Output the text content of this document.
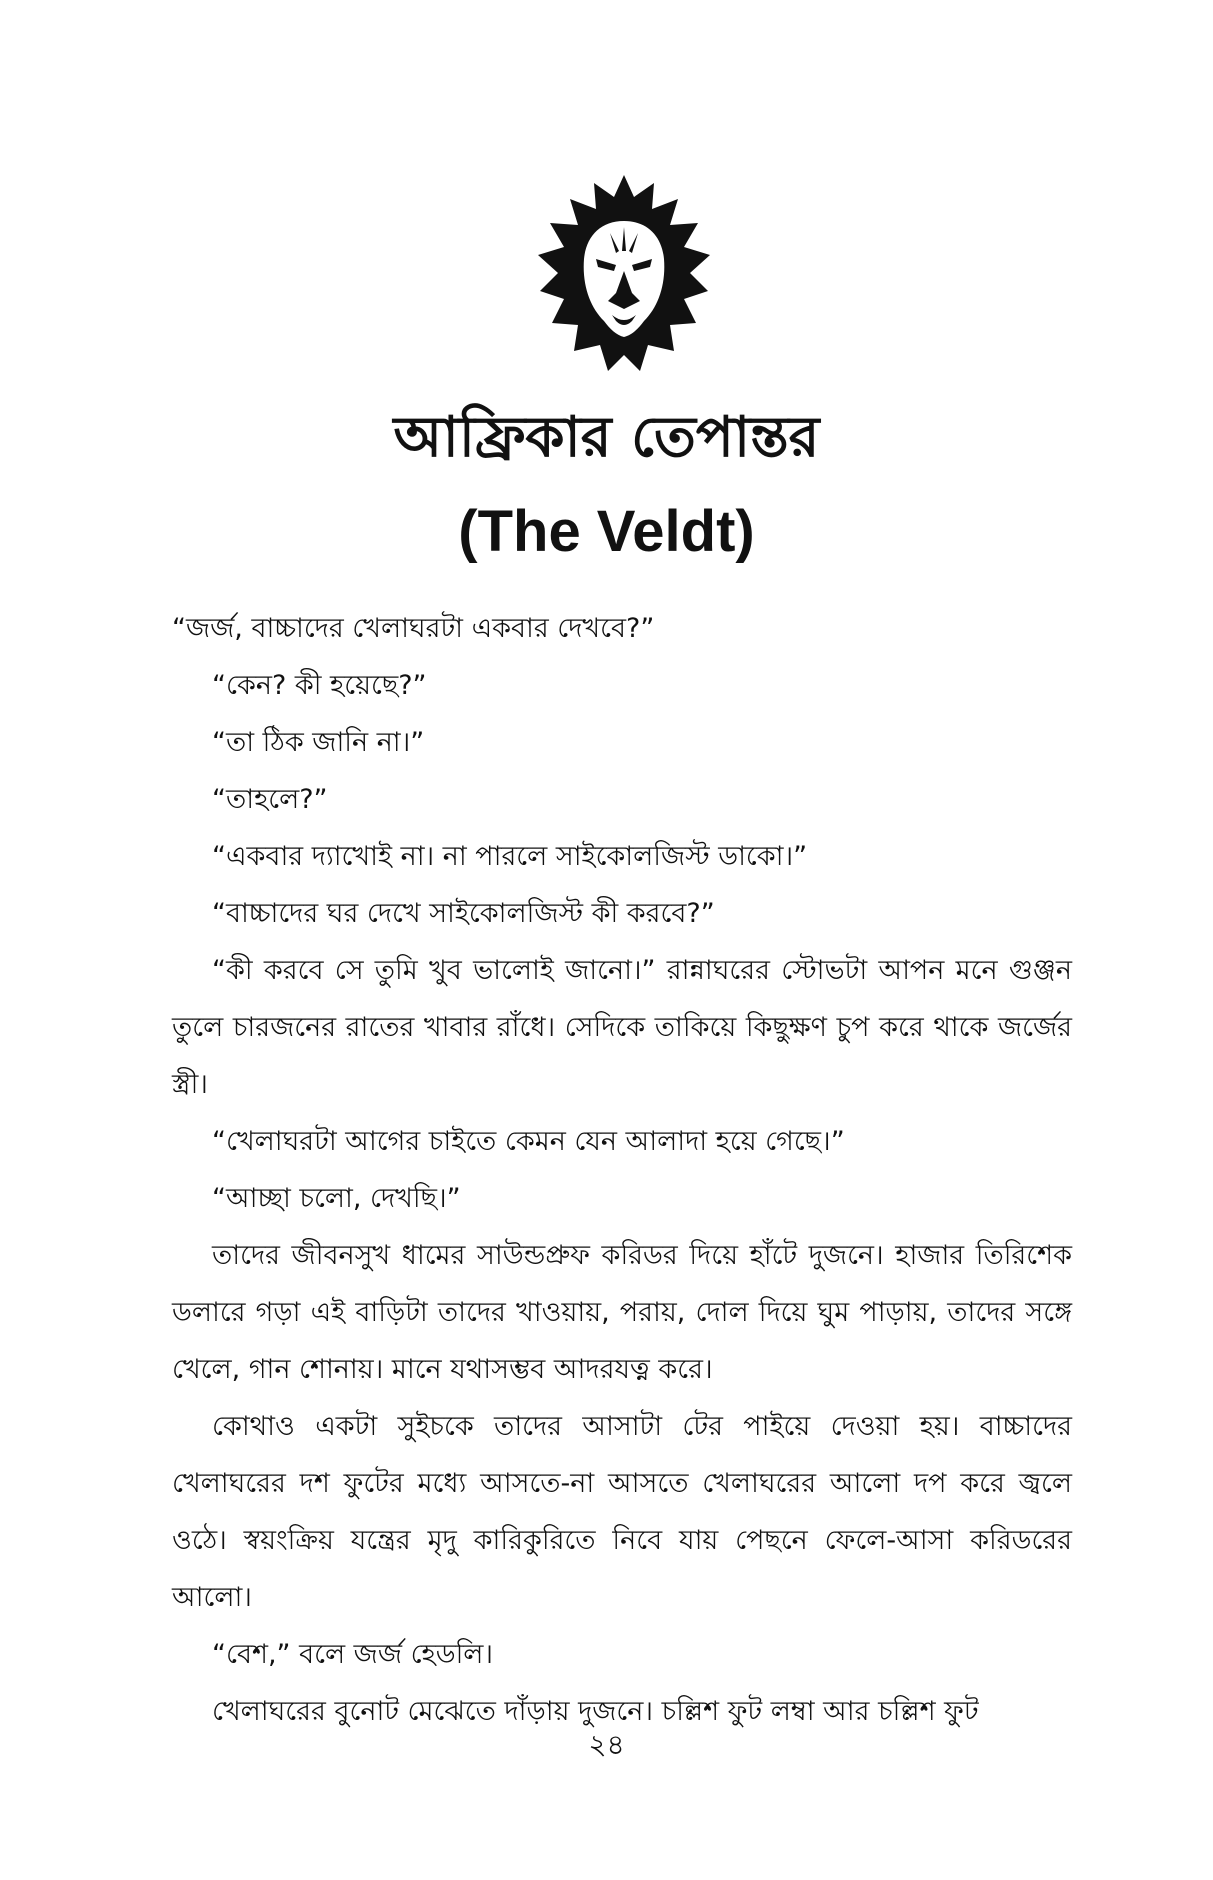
আফ্রিকার তেপান্তর
(The Veldt)

“জর্জ, বাচ্চাদের খেলাঘরটা একবার দেখবে?”

“কেন? কী হয়েছে?”

“তা ঠিক জানি না।”

“তাহলে?”

“একবার দ্যাখোই না। না পারলে সাইকোলজিস্ট ডাকো।”

“বাচ্চাদের ঘর দেখে সাইকোলজিস্ট কী করবে?”

“কী করবে সে তুমি খুব ভালোই জানো।” রান্নাঘরের স্টোভটা আপন মনে গুঞ্জন তুলে চারজনের রাতের খাবার রাঁধে। সেদিকে তাকিয়ে কিছুক্ষণ চুপ করে থাকে জর্জের স্ত্রী।

“খেলাঘরটা আগের চাইতে কেমন যেন আলাদা হয়ে গেছে।”

“আচ্ছা চলো, দেখছি।”

তাদের জীবনসুখ ধামের সাউন্ডপ্রুফ করিডর দিয়ে হাঁটে দুজনে। হাজার তিরিশেক ডলারে গড়া এই বাড়িটা তাদের খাওয়ায়, পরায়, দোল দিয়ে ঘুম পাড়ায়, তাদের সঙ্গে খেলে, গান শোনায়। মানে যথাসম্ভব আদরযত্ন করে।

কোথাও একটা সুইচকে তাদের আসাটা টের পাইয়ে দেওয়া হয়। বাচ্চাদের খেলাঘরের দশ ফুটের মধ্যে আসতে-না আসতে খেলাঘরের আলো দপ করে জ্বলে ওঠে। স্বয়ংক্রিয় যন্ত্রের মৃদু কারিকুরিতে নিবে যায় পেছনে ফেলে-আসা করিডরের আলো।

“বেশ,” বলে জর্জ হেডলি।

খেলাঘরের বুনোট মেঝেতে দাঁড়ায় দুজনে। চল্লিশ ফুট লম্বা আর চল্লিশ ফুট

২৪
